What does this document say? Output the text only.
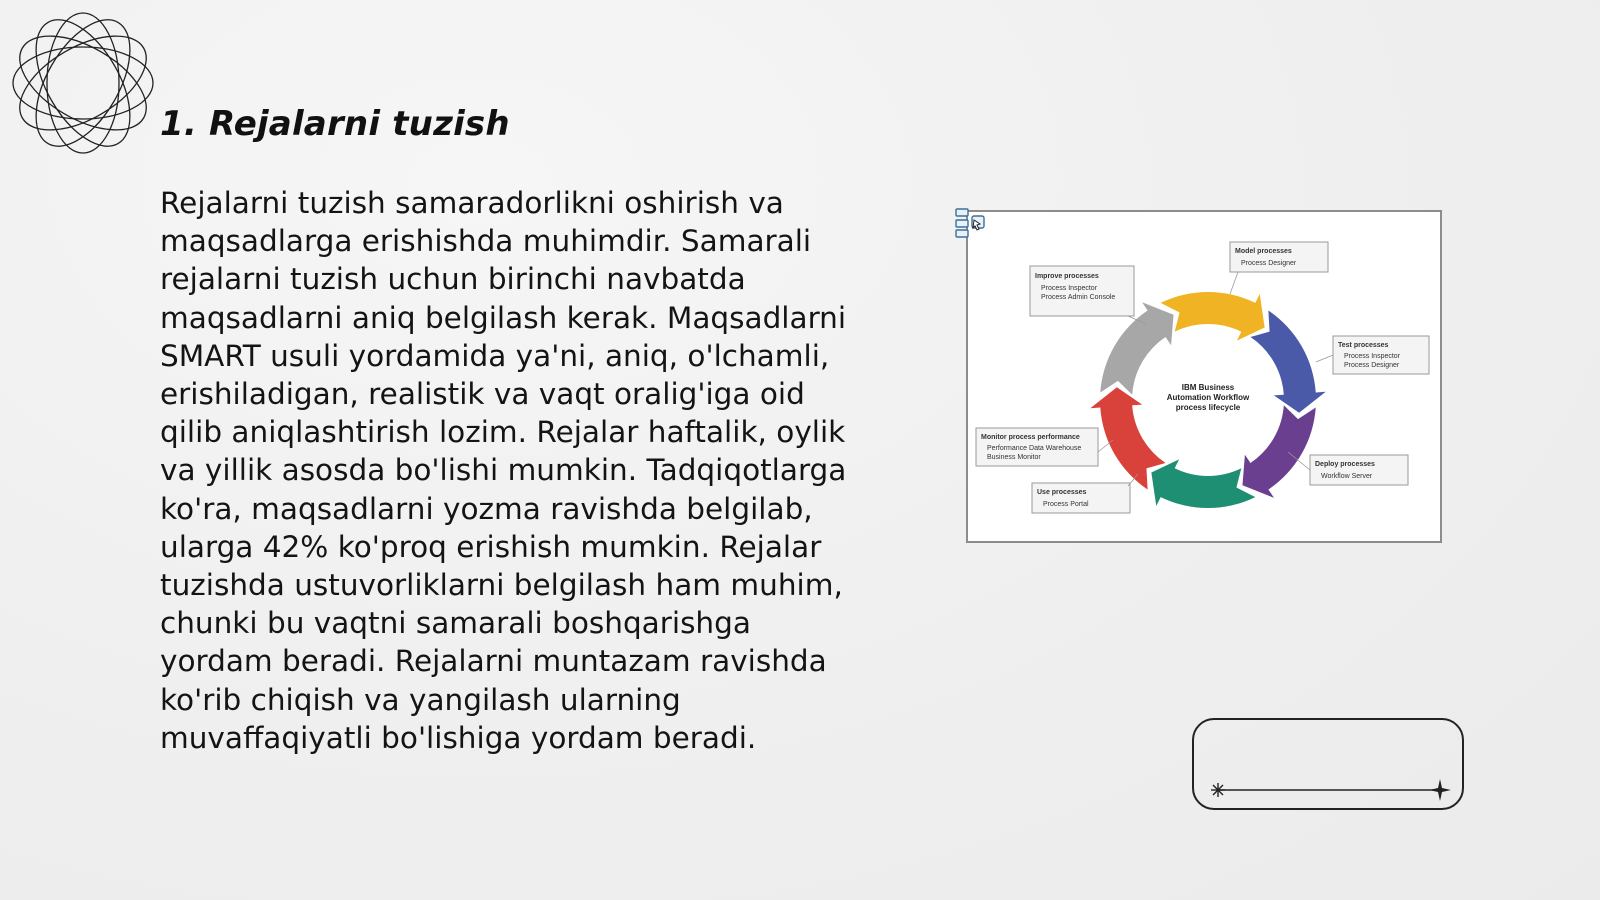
1. Rejalarni tuzish

Rejalarni tuzish samaradorlikni oshirish va maqsadlarga erishishda muhimdir. Samarali rejalarni tuzish uchun birinchi navbatda maqsadlarni aniq belgilash kerak. Maqsadlarni SMART usuli yordamida ya'ni, aniq, o'lchamli, erishiladigan, realistik va vaqt oralig'iga oid qilib aniqlashtirish lozim. Rejalar haftalik, oylik va yillik asosda bo'lishi mumkin. Tadqiqotlarga ko'ra, maqsadlarni yozma ravishda belgilab, ularga 42% ko'proq erishish mumkin. Rejalar tuzishda ustuvorliklarni belgilash ham muhim, chunki bu vaqtni samarali boshqarishga yordam beradi. Rejalarni muntazam ravishda ko'rib chiqish va yangilash ularning muvaffaqiyatli bo'lishiga yordam beradi.

IBM Business
Automation Workflow
process lifecycle
Model processes
Process Designer
Test processes
Process Inspector
Process Designer
Deploy processes
Workflow Server
Use processes
Process Portal
Monitor process performance
Performance Data Warehouse
Business Monitor
Improve processes
Process Inspector
Process Admin Console
